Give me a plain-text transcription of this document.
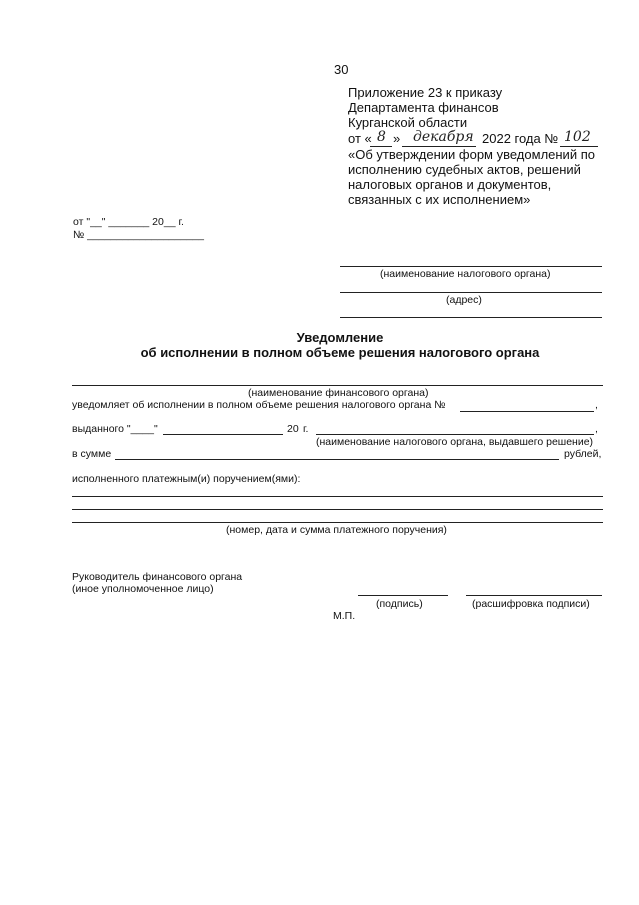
30
Приложение 23 к приказу
Департамента финансов
Курганской области
от « 8 » декабря 2022 года № 102
«Об утверждении форм уведомлений по
исполнению судебных актов, решений
налоговых органов и документов,
связанных с их исполнением»
от "__" _______ 20__ г.
№ ____________________
(наименование налогового органа)
(адрес)
Уведомление
об исполнении в полном объеме решения налогового органа
(наименование финансового органа)
уведомляет об исполнении в полном объеме решения налогового органа №	,
выданного "____"	20 г.	,
(наименование налогового органа, выдавшего решение)
в сумме	рублей,
исполненного платежным(и) поручением(ями):
(номер, дата и сумма платежного поручения)
Руководитель финансового органа
(иное уполномоченное лицо)
(подпись)	(расшифровка подписи)
М.П.
